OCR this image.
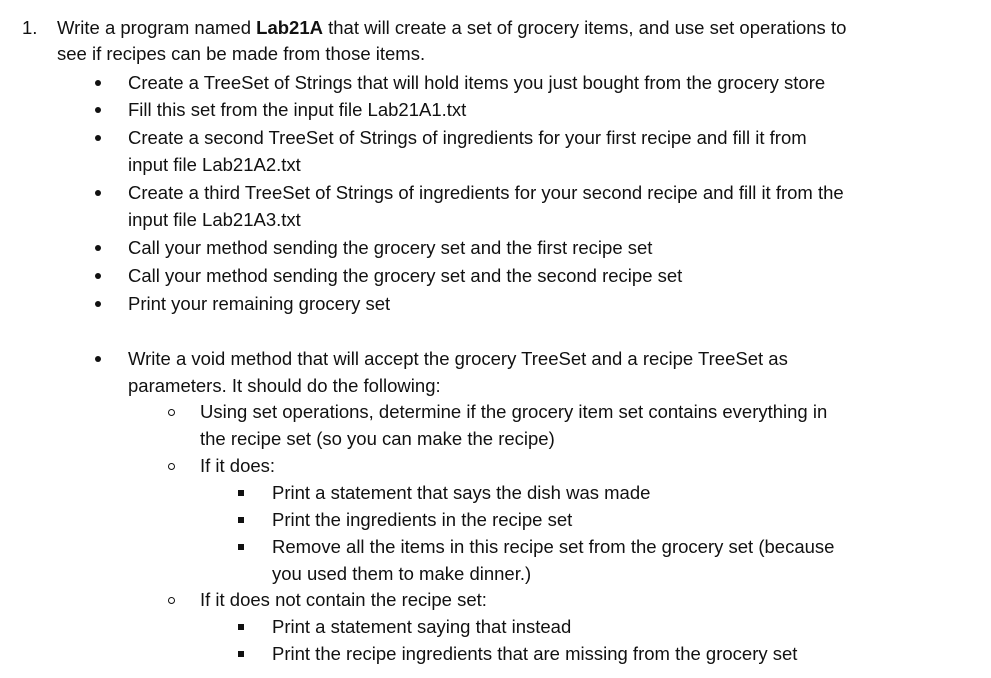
1. Write a program named Lab21A that will create a set of grocery items, and use set operations to
see if recipes can be made from those items.
Create a TreeSet of Strings that will hold items you just bought from the grocery store
Fill this set from the input file Lab21A1.txt
Create a second TreeSet of Strings of ingredients for your first recipe and fill it from
input file Lab21A2.txt
Create a third TreeSet of Strings of ingredients for your second recipe and fill it from the
input file Lab21A3.txt
Call your method sending the grocery set and the first recipe set
Call your method sending the grocery set and the second recipe set
Print your remaining grocery set
Write a void method that will accept the grocery TreeSet and a recipe TreeSet as
parameters. It should do the following:
Using set operations, determine if the grocery item set contains everything in
the recipe set (so you can make the recipe)
If it does:
Print a statement that says the dish was made
Print the ingredients in the recipe set
Remove all the items in this recipe set from the grocery set (because
you used them to make dinner.)
If it does not contain the recipe set:
Print a statement saying that instead
Print the recipe ingredients that are missing from the grocery set
